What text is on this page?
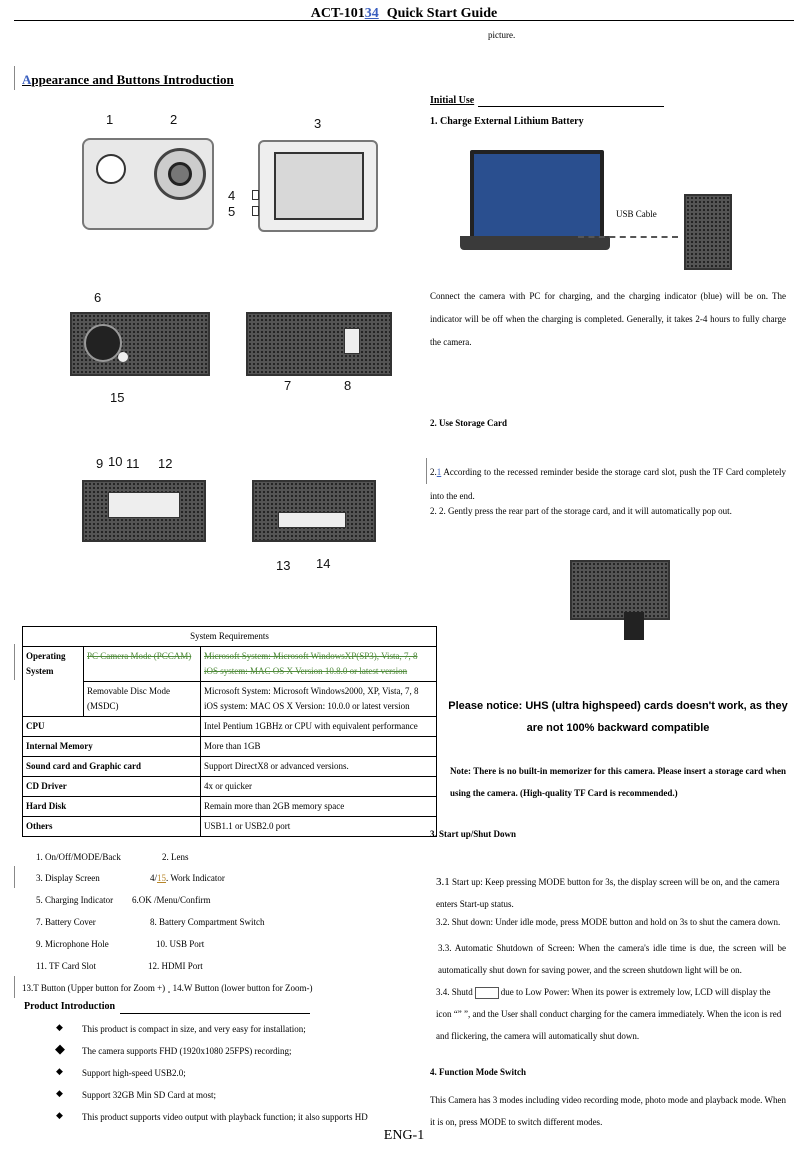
ACT-10134 Quick Start Guide
picture.
Appearance and Buttons Introduction
1	2	3
4
5
6
15
7	8
9 10 11 12
13 14
Initial Use
1. Charge External Lithium Battery
USB Cable
Connect the camera with PC for charging, and the charging indicator (blue) will be on. The indicator will be off when the charging is completed. Generally, it takes 2-4 hours to fully charge the camera.
2. Use Storage Card
2.1 According to the recessed reminder beside the storage card slot, push the TF Card completely into the end.
2. 2. Gently press the rear part of the storage card, and it will automatically pop out.
Please notice: UHS (ultra highspeed) cards doesn't work, as they are not 100% backward compatible
Note: There is no built-in memorizer for this camera. Please insert a storage card when using the camera. (High-quality TF Card is recommended.)
System Requirements		
Operating System	PC Camera Mode (PCCAM)	Microsoft System: Microsoft WindowsXP(SP3), Vista, 7, 8
iOS system: MAC OS X Version 10.8.0 or latest version
	Removable Disc Mode (MSDC)	Microsoft System: Microsoft Windows2000, XP, Vista, 7, 8
iOS system: MAC OS X Version: 10.0.0 or latest version
CPU		Intel Pentium 1GBHz or CPU with equivalent performance
Internal Memory		More than 1GB
Sound card and Graphic card		Support DirectX8 or advanced versions.
CD Driver		4x or quicker
Hard Disk		Remain more than 2GB memory space
Others		USB1.1 or USB2.0 port
1. On/Off/MODE/Back	2. Lens
3. Display Screen	4/15. Work Indicator
5. Charging Indicator 6.OK /Menu/Confirm
7. Battery Cover	8. Battery Compartment Switch
9. Microphone Hole	10. USB Port
11. TF Card Slot	12. HDMI Port
13.T Button (Upper button for Zoom +) ¸ 14.W Button (lower button for Zoom-)
Product Introduction
◆ This product is compact in size, and very easy for installation;
◆ The camera supports FHD (1920x1080 25FPS) recording;
◆ Support high-speed USB2.0;
◆ Support 32GB Min SD Card at most;
◆ This product supports video output with playback function; it also supports HD
3. Start up/Shut Down
3.1 Start up: Keep pressing MODE button for 3s, the display screen will be on, and the camera enters Start-up status.
3.2. Shut down: Under idle mode, press MODE button and hold on 3s to shut the camera down.
3.3. Automatic Shutdown of Screen: When the camera's idle time is due, the screen will be automatically shut down for saving power, and the screen shutdown light will be on.
3.4. Shutd	due to Low Power: When its power is extremely low, LCD will display the icon “” ”, and the User shall conduct charging for the camera immediately. When the icon is red and flickering, the camera will automatically shut down.
4. Function Mode Switch
This Camera has 3 modes including video recording mode, photo mode and playback mode. When it is on, press MODE to switch different modes.
ENG-1
